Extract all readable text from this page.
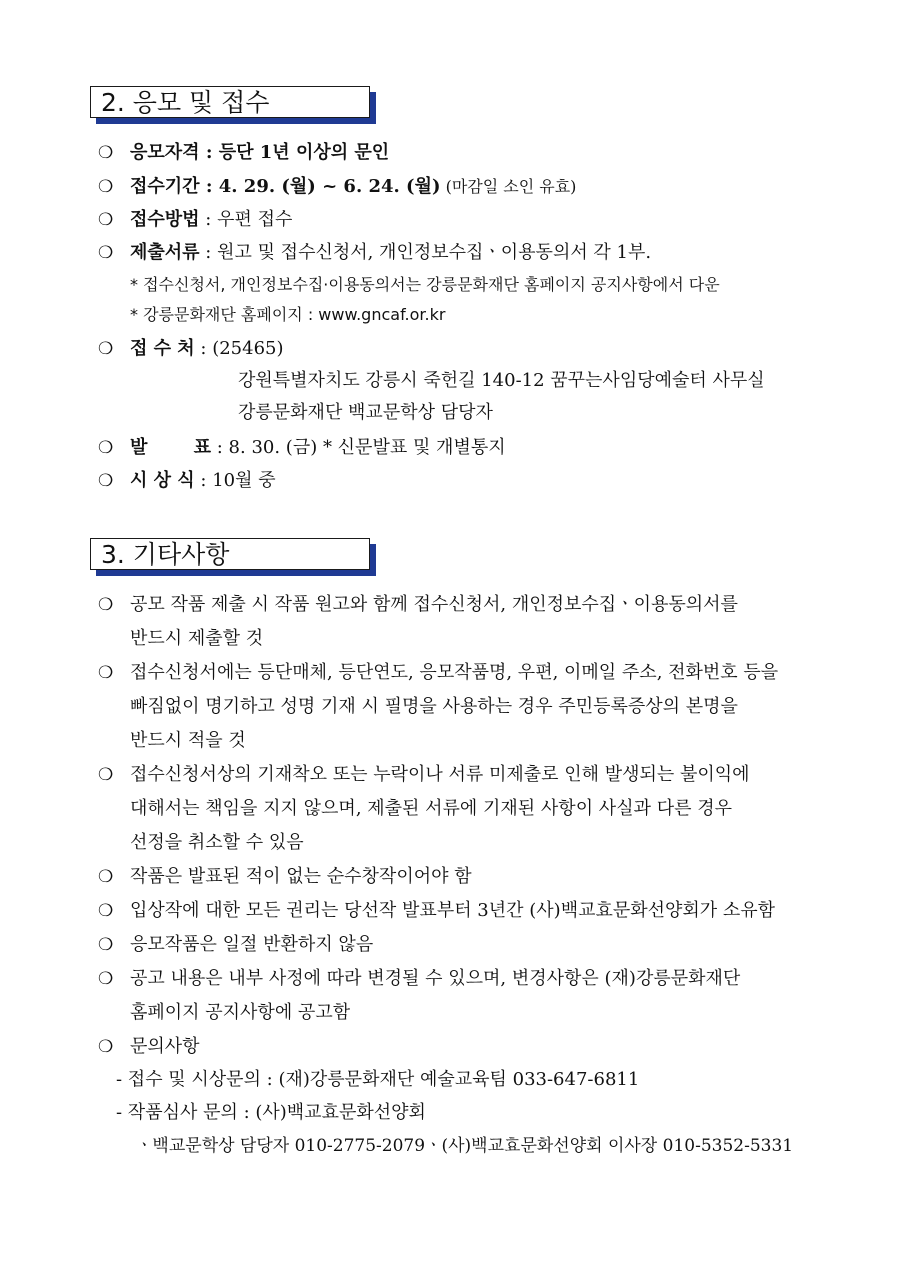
2. 응모 및 접수
❍ 응모자격 : 등단 1년 이상의 문인
❍ 접수기간 : 4. 29. (월) ~ 6. 24. (월) (마감일 소인 유효)
❍ 접수방법 : 우편 접수
❍ 제출서류 : 원고 및 접수신청서, 개인정보수집ㆍ이용동의서 각 1부.
* 접수신청서, 개인정보수집·이용동의서는 강릉문화재단 홈페이지 공지사항에서 다운
* 강릉문화재단 홈페이지 : www.gncaf.or.kr
❍ 접 수 처 : (25465)
강원특별자치도 강릉시 죽헌길 140-12 꿈꾸는사임당예술터 사무실
강릉문화재단 백교문학상 담당자
❍ 발 표 : 8. 30. (금) * 신문발표 및 개별통지
❍ 시 상 식 : 10월 중
3. 기타사항
❍ 공모 작품 제출 시 작품 원고와 함께 접수신청서, 개인정보수집ㆍ이용동의서를
반드시 제출할 것
❍ 접수신청서에는 등단매체, 등단연도, 응모작품명, 우편, 이메일 주소, 전화번호 등을
빠짐없이 명기하고 성명 기재 시 필명을 사용하는 경우 주민등록증상의 본명을
반드시 적을 것
❍ 접수신청서상의 기재착오 또는 누락이나 서류 미제출로 인해 발생되는 불이익에
대해서는 책임을 지지 않으며, 제출된 서류에 기재된 사항이 사실과 다른 경우
선정을 취소할 수 있음
❍ 작품은 발표된 적이 없는 순수창작이어야 함
❍ 입상작에 대한 모든 권리는 당선작 발표부터 3년간 (사)백교효문화선양회가 소유함
❍ 응모작품은 일절 반환하지 않음
❍ 공고 내용은 내부 사정에 따라 변경될 수 있으며, 변경사항은 (재)강릉문화재단
홈페이지 공지사항에 공고함
❍ 문의사항
- 접수 및 시상문의 : (재)강릉문화재단 예술교육팀 033-647-6811
- 작품심사 문의 : (사)백교효문화선양회
ㆍ백교문학상 담당자 010-2775-2079ㆍ(사)백교효문화선양회 이사장 010-5352-5331
